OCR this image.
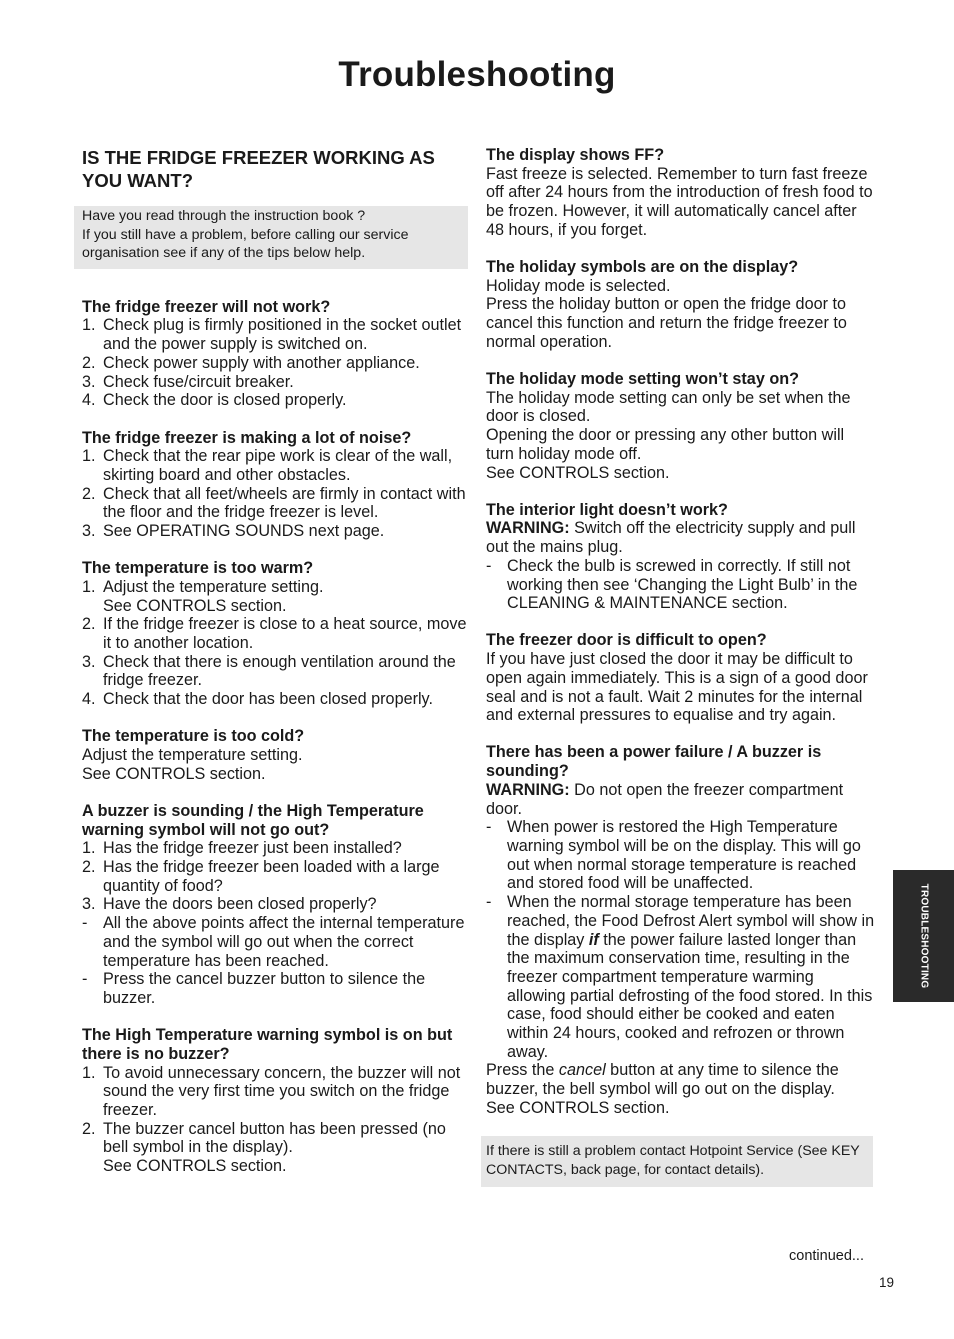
Troubleshooting
IS THE FRIDGE FREEZER WORKING AS YOU WANT?
Have you read through the instruction book ?
If you still have a problem, before calling our service organisation see if any of the tips below help.

The fridge freezer will not work?

1. Check plug is firmly positioned in the socket outlet and the power supply is switched on.
2. Check power supply with another appliance.
3. Check fuse/circuit breaker.
4. Check the door is closed properly.

The fridge freezer is making a lot of noise?

1. Check that the rear pipe work is clear of the wall, skirting board and other obstacles.
2. Check that all feet/wheels are firmly in contact with the floor and the fridge freezer is level.
3. See OPERATING SOUNDS next page.

The temperature is too warm?

1. Adjust the temperature setting.
See CONTROLS section.
2. If the fridge freezer is close to a heat source, move it to another location.
3. Check that there is enough ventilation around the fridge freezer.
4. Check that the door has been closed properly.

The temperature is too cold?

Adjust the temperature setting.

See CONTROLS section.

A buzzer is sounding / the High Temperature warning symbol will not go out?

1. Has the fridge freezer just been installed?
2. Has the fridge freezer been loaded with a large quantity of food?
3. Have the doors been closed properly?
- All the above points affect the internal temperature and the symbol will go out when the correct temperature has been reached.
- Press the cancel buzzer button to silence the buzzer.

The High Temperature warning symbol is on but there is no buzzer?

1. To avoid unnecessary concern, the buzzer will not sound the very first time you switch on the fridge freezer.
2. The buzzer cancel button has been pressed (no bell symbol in the display).
See CONTROLS section.

The display shows FF?

Fast freeze is selected. Remember to turn fast freeze off after 24 hours from the introduction of fresh food to be frozen. However, it will automatically cancel after 48 hours, if you forget.

The holiday symbols are on the display?

Holiday mode is selected.

Press the holiday button or open the fridge door to cancel this function and return the fridge freezer to normal operation.

The holiday mode setting won’t stay on?

The holiday mode setting can only be set when the door is closed.

Opening the door or pressing any other button will turn holiday mode off.

See CONTROLS section.

The interior light doesn’t work?

WARNING: Switch off the electricity supply and pull out the mains plug.

- Check the bulb is screwed in correctly. If still not working then see ‘Changing the Light Bulb’ in the CLEANING & MAINTENANCE section.

The freezer door is difficult to open?

If you have just closed the door it may be difficult to open again immediately. This is a sign of a good door seal and is not a fault. Wait 2 minutes for the internal and external pressures to equalise and try again.

There has been a power failure / A buzzer is sounding?

WARNING: Do not open the freezer compartment door.

- When power is restored the High Temperature warning symbol will be on the display. This will go out when normal storage temperature is reached and stored food will be unaffected.
- When the normal storage temperature has been reached, the Food Defrost Alert symbol will show in the display if the power failure lasted longer than the maximum conservation time, resulting in the freezer compartment temperature warming allowing partial defrosting of the food stored. In this case, food should either be cooked and eaten within 24 hours, cooked and refrozen or thrown away.

Press the cancel button at any time to silence the buzzer, the bell symbol will go out on the display.

See CONTROLS section.

If there is still a problem contact Hotpoint Service (See KEY CONTACTS, back page, for contact details).
TROUBLESHOOTING
continued...
19
